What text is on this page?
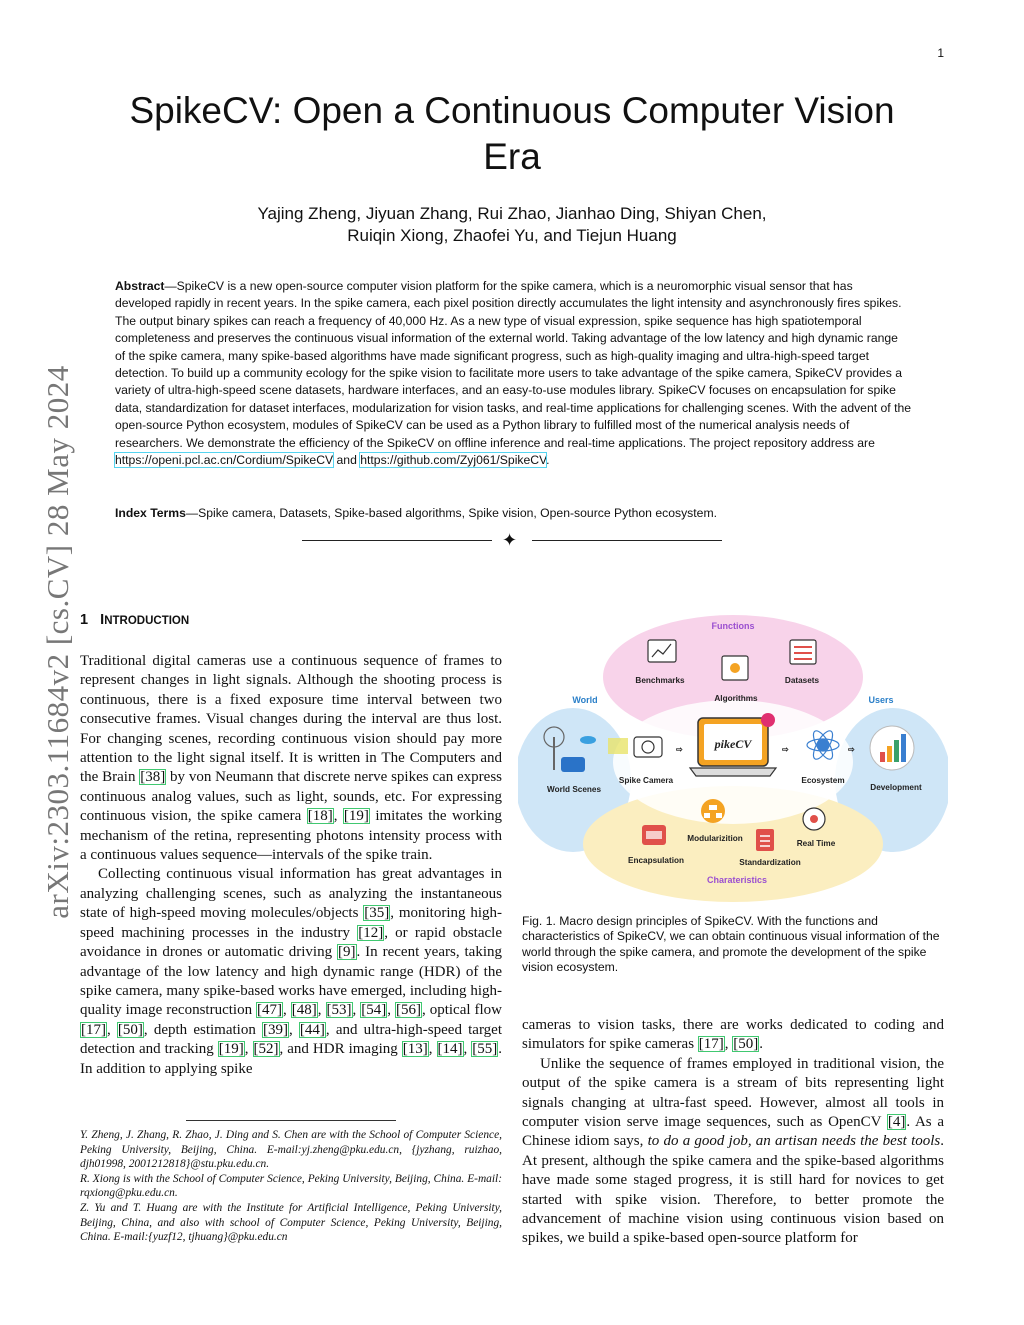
1
SpikeCV: Open a Continuous Computer Vision Era
Yajing Zheng, Jiyuan Zhang, Rui Zhao, Jianhao Ding, Shiyan Chen,
Ruiqin Xiong, Zhaofei Yu, and Tiejun Huang
Abstract—SpikeCV is a new open-source computer vision platform for the spike camera, which is a neuromorphic visual sensor that has developed rapidly in recent years. In the spike camera, each pixel position directly accumulates the light intensity and asynchronously fires spikes. The output binary spikes can reach a frequency of 40,000 Hz. As a new type of visual expression, spike sequence has high spatiotemporal completeness and preserves the continuous visual information of the external world. Taking advantage of the low latency and high dynamic range of the spike camera, many spike-based algorithms have made significant progress, such as high-quality imaging and ultra-high-speed target detection. To build up a community ecology for the spike vision to facilitate more users to take advantage of the spike camera, SpikeCV provides a variety of ultra-high-speed scene datasets, hardware interfaces, and an easy-to-use modules library. SpikeCV focuses on encapsulation for spike data, standardization for dataset interfaces, modularization for vision tasks, and real-time applications for challenging scenes. With the advent of the open-source Python ecosystem, modules of SpikeCV can be used as a Python library to fulfilled most of the numerical analysis needs of researchers. We demonstrate the efficiency of the SpikeCV on offline inference and real-time applications. The project repository address are https://openi.pcl.ac.cn/Cordium/SpikeCV and https://github.com/Zyj061/SpikeCV.
Index Terms—Spike camera, Datasets, Spike-based algorithms, Spike vision, Open-source Python ecosystem.
✦
arXiv:2303.11684v2 [cs.CV] 28 May 2024 1 INTRODUCTION

Traditional digital cameras use a continuous sequence of frames to represent changes in light signals. Although the shooting process is continuous, there is a fixed exposure time interval between two consecutive frames. Visual changes during the interval are thus lost. For changing scenes, recording continuous vision should pay more attention to the light signal itself. It is written in The Computers and the Brain [38] by von Neumann that discrete nerve spikes can express continuous analog values, such as light, sounds, etc. For expressing continuous vision, the spike camera [18], [19] imitates the working mechanism of the retina, representing photons intensity process with a continuous values sequence—intervals of the spike train.

Collecting continuous visual information has great advantages in analyzing challenging scenes, such as analyzing the instantaneous state of high-speed moving molecules/objects [35], monitoring high-speed machining processes in the industry [12], or rapid obstacle avoidance in drones or automatic driving [9]. In recent years, taking advantage of the low latency and high dynamic range (HDR) of the spike camera, many spike-based works have emerged, including high-quality image reconstruction [47], [48], [53], [54], [56], optical flow [17], [50], depth estimation [39], [44], and ultra-high-speed target detection and tracking [19], [52], and HDR imaging [13], [14], [55]. In addition to applying spike

Y. Zheng, J. Zhang, R. Zhao, J. Ding and S. Chen are with the School of Computer Science, Peking University, Beijing, China. E-mail:yj.zheng@pku.edu.cn, {jyzhang, ruizhao, djh01998, 2001212818}@stu.pku.edu.cn.

R. Xiong is with the School of Computer Science, Peking University, Beijing, China. E-mail: rqxiong@pku.edu.cn.

Z. Yu and T. Huang are with the Institute for Artificial Intelligence, Peking University, Beijing, China, and also with school of Computer Science, Peking University, Beijing, China. E-mail:{yuzf12, tjhuang}@pku.edu.cn

Functions
World	Users
Charateristics
Benchmarks
Algorithms
Datasets
World Scenes
Spike Camera
⇨	⇨	⇨
pikeCV
Ecosystem
Development
Modularizition
Real Time
Encapsulation	Standardization
Fig. 1. Macro design principles of SpikeCV. With the functions and characteristics of SpikeCV, we can obtain continuous visual information of the world through the spike camera, and promote the development of the spike vision ecosystem.

cameras to vision tasks, there are works dedicated to coding and simulators for spike cameras [17], [50].

Unlike the sequence of frames employed in traditional vision, the output of the spike camera is a stream of bits representing light signals changing at ultra-fast speed. However, almost all tools in computer vision serve image sequences, such as OpenCV [4]. As a Chinese idiom says, to do a good job, an artisan needs the best tools. At present, although the spike camera and the spike-based algorithms have made some staged progress, it is still hard for novices to get started with spike vision. Therefore, to better promote the advancement of machine vision using continuous vision based on spikes, we build a spike-based open-source platform for
